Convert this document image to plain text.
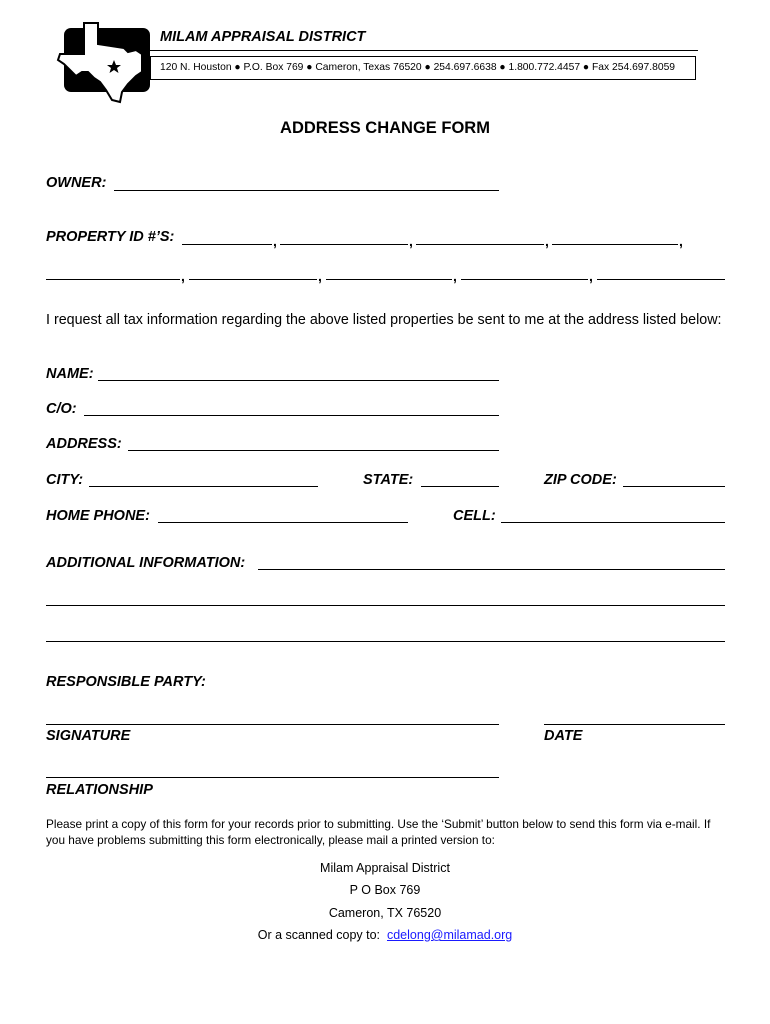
MILAM APPRAISAL DISTRICT
120 N. Houston ● P.O. Box 769 ● Cameron, Texas 76520 ● 254.697.6638 ● 1.800.772.4457 ● Fax 254.697.8059
ADDRESS CHANGE FORM
OWNER:
PROPERTY ID #’S:	,	,	,	,
,	,	,	,
I request all tax information regarding the above listed properties be sent to me at the address listed below:
NAME:
C/O:
ADDRESS:
CITY:	STATE:	ZIP CODE:
HOME PHONE:	CELL:
ADDITIONAL INFORMATION:
RESPONSIBLE PARTY:
SIGNATURE	DATE
RELATIONSHIP
Please print a copy of this form for your records prior to submitting. Use the ‘Submit’ button below to send this form via e-mail. If you have problems submitting this form electronically, please mail a printed version to:
Milam Appraisal District
P O Box 769
Cameron, TX 76520
Or a scanned copy to:  cdelong@milamad.org
